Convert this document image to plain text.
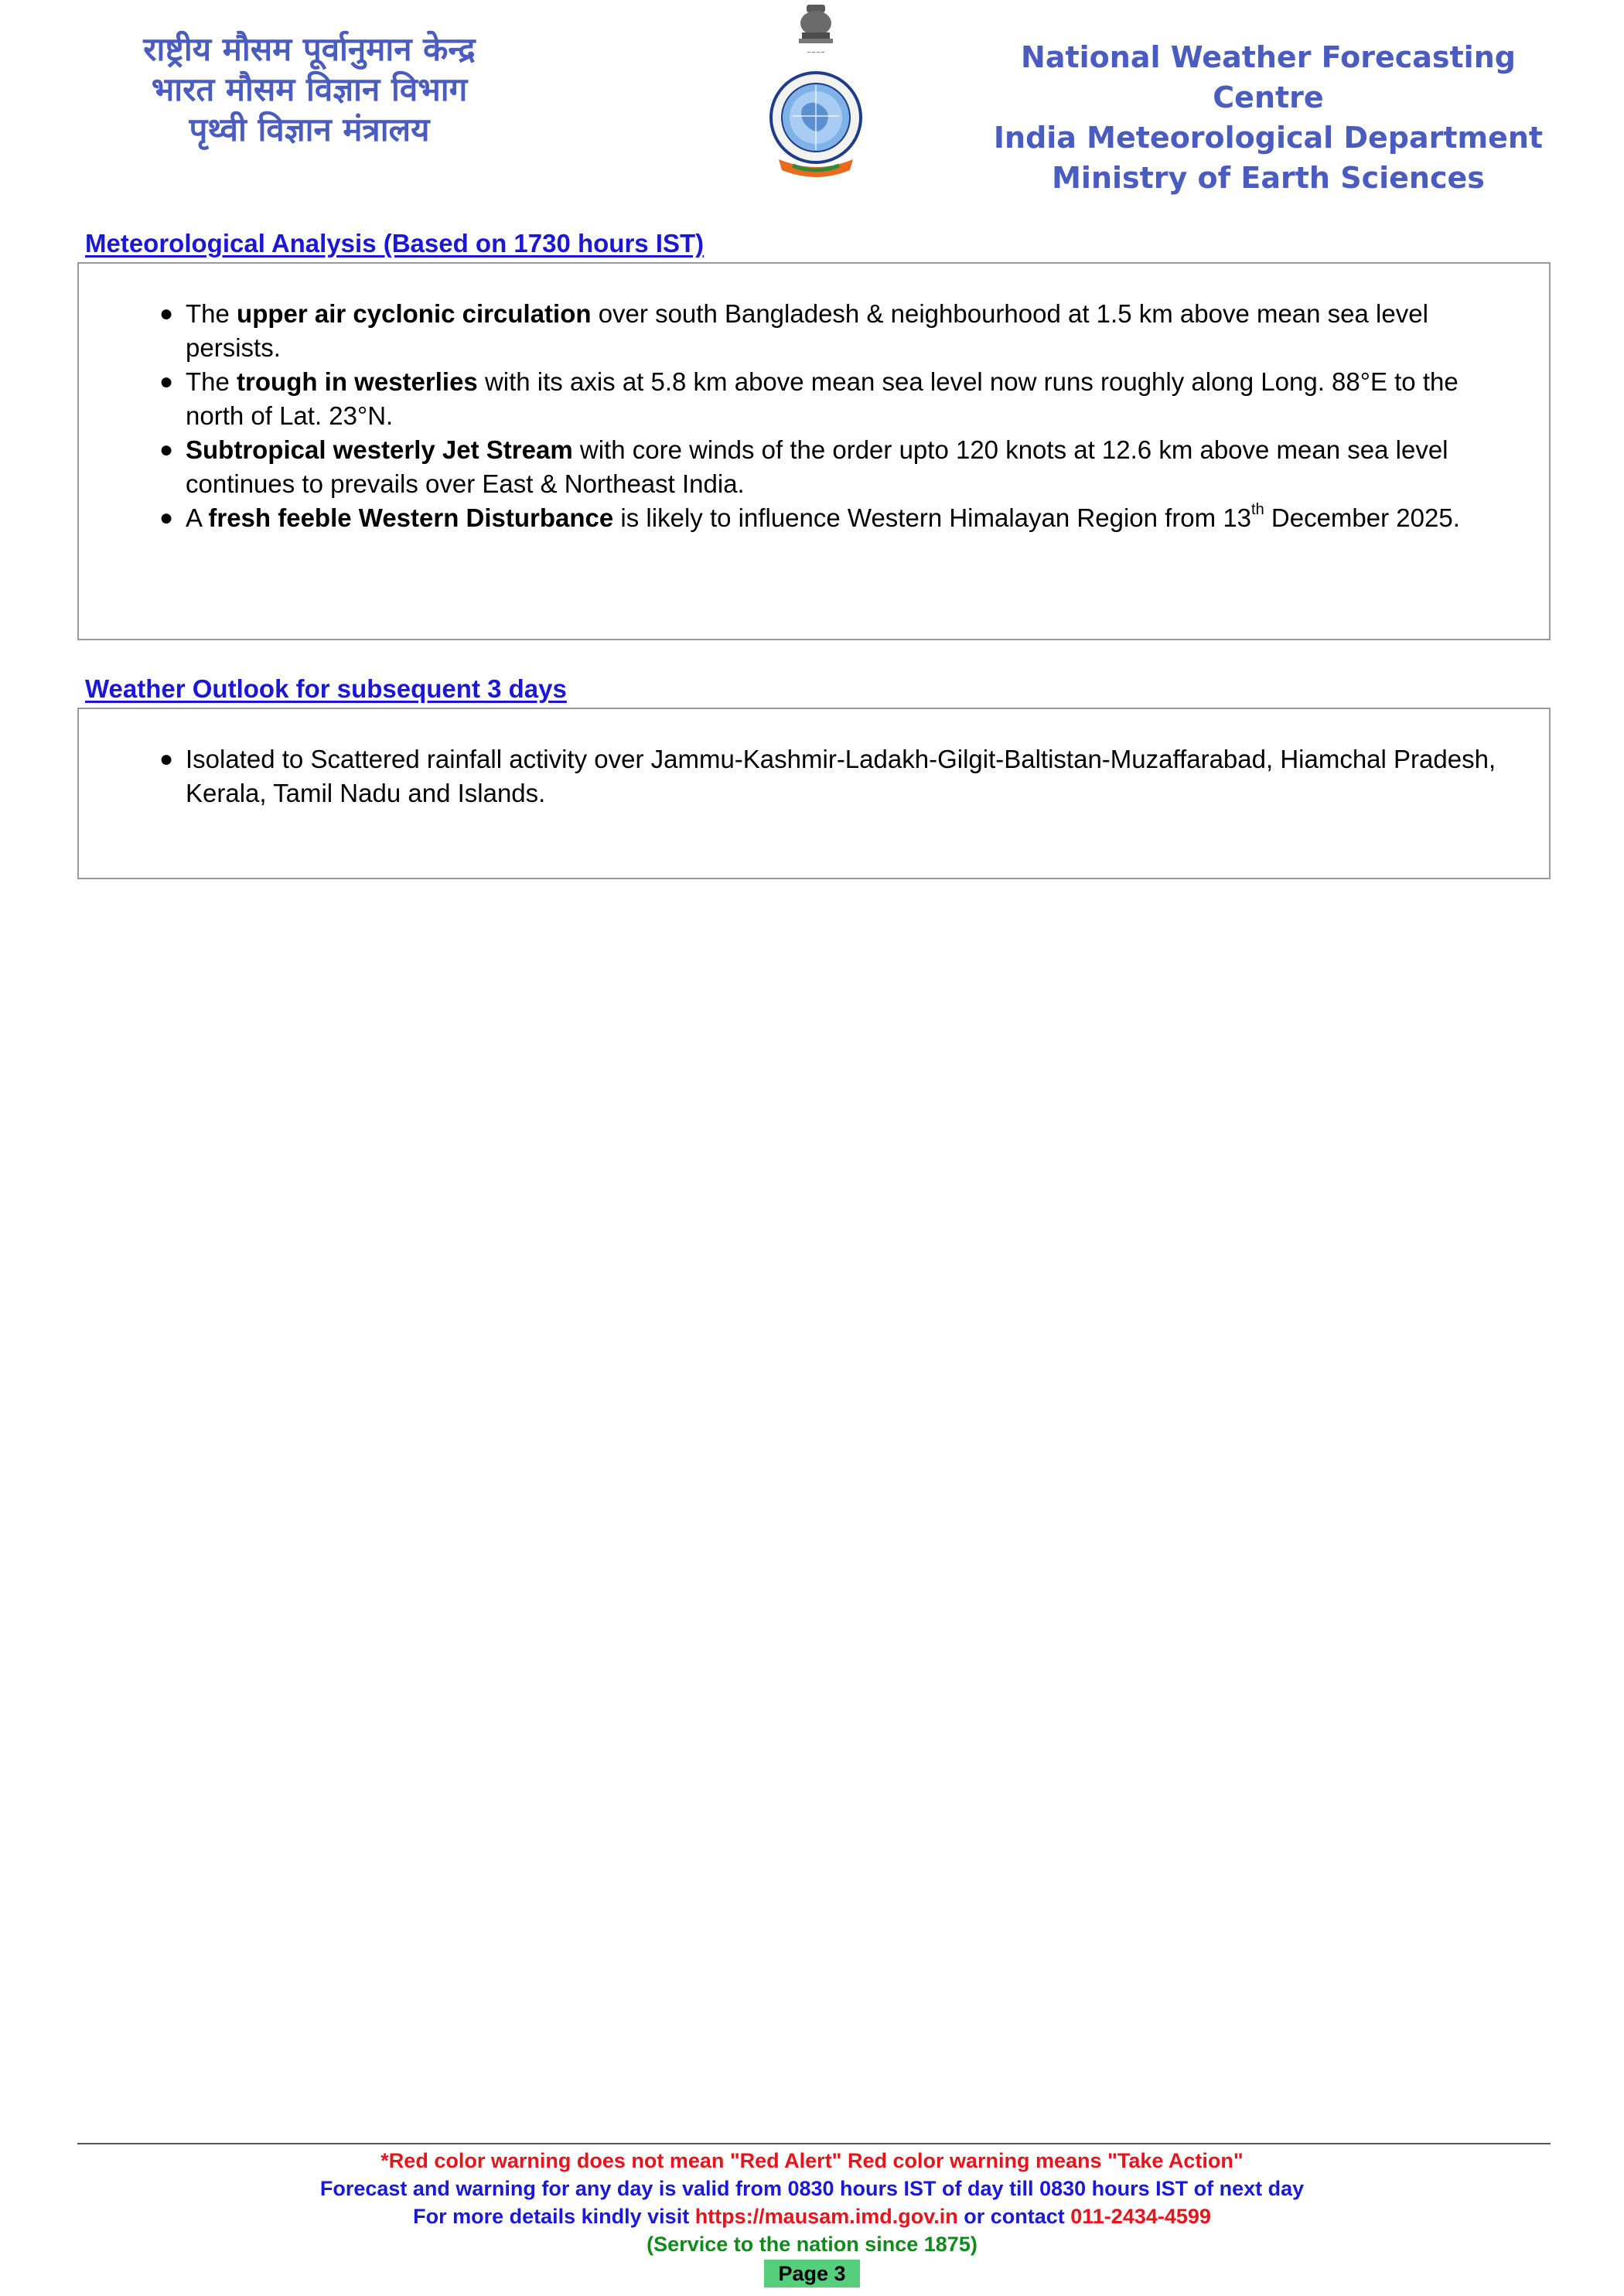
राष्ट्रीय मौसम पूर्वानुमान केन्द्र
भारत मौसम विज्ञान विभाग
पृथ्वी विज्ञान मंत्रालय
~~~~	National Weather Forecasting Centre
India Meteorological Department
Ministry of Earth Sciences
Meteorological Analysis (Based on 1730 hours IST)
● The upper air cyclonic circulation over south Bangladesh & neighbourhood at 1.5 km above mean sea level persists.
● The trough in westerlies with its axis at 5.8 km above mean sea level now runs roughly along Long. 88°E to the north of Lat. 23°N.
● Subtropical westerly Jet Stream with core winds of the order upto 120 knots at 12.6 km above mean sea level continues to prevails over East & Northeast India.
● A fresh feeble Western Disturbance is likely to influence Western Himalayan Region from 13th December 2025.
Weather Outlook for subsequent 3 days
● Isolated to Scattered rainfall activity over Jammu-Kashmir-Ladakh-Gilgit-Baltistan-Muzaffarabad, Hiamchal Pradesh, Kerala, Tamil Nadu and Islands.
*Red color warning does not mean "Red Alert" Red color warning means "Take Action"
Forecast and warning for any day is valid from 0830 hours IST of day till 0830 hours IST of next day
For more details kindly visit https://mausam.imd.gov.in or contact 011-2434-4599
(Service to the nation since 1875)
Page 3
